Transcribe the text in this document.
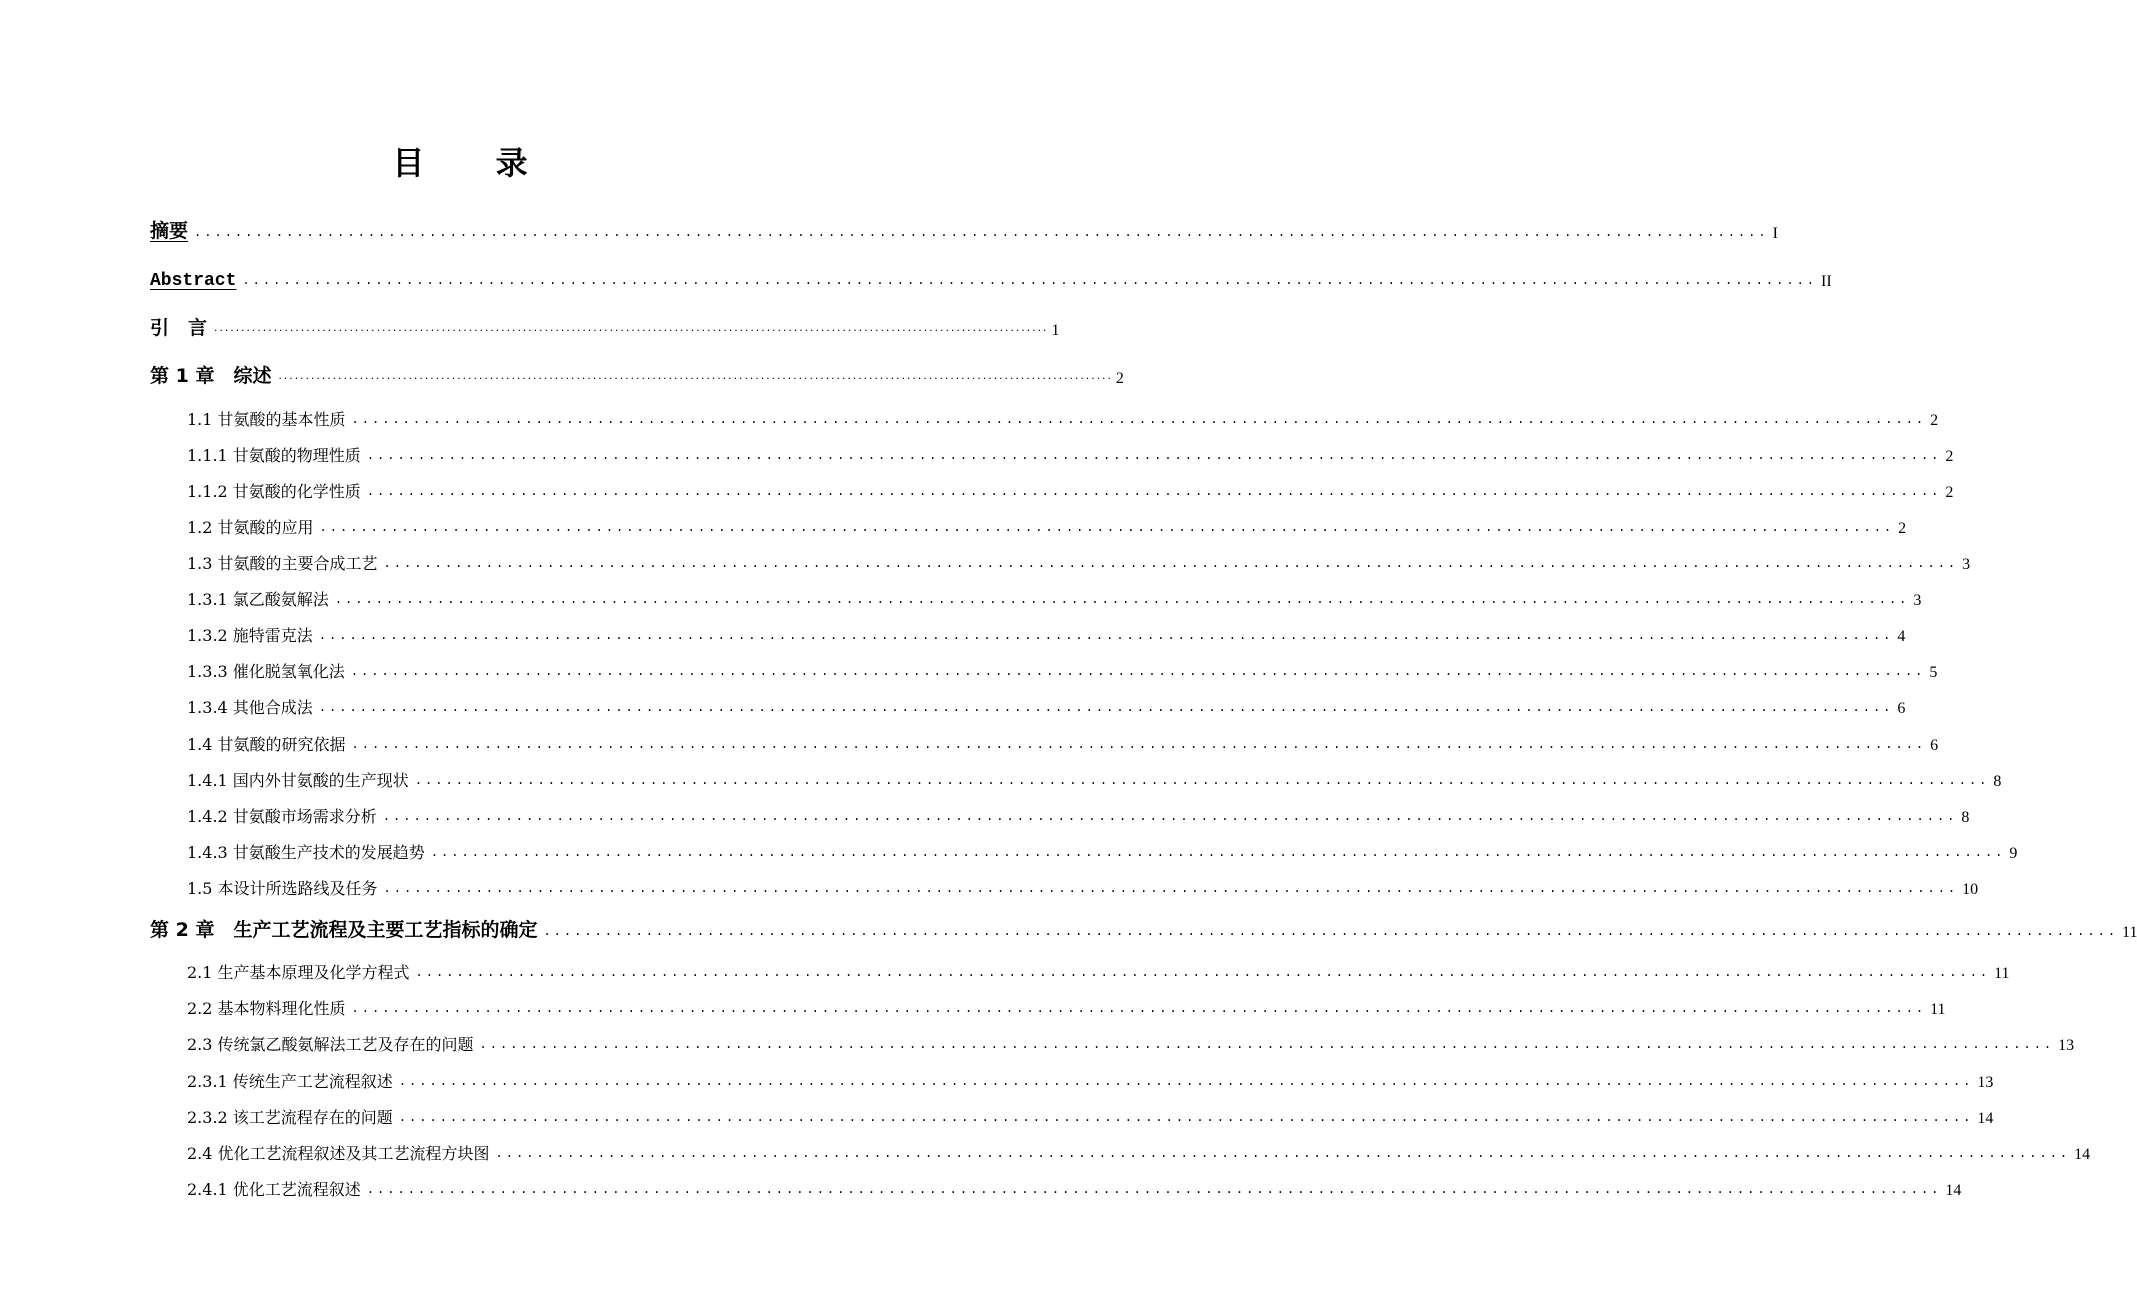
目 录
摘要 .......................................................................................................................................................... I
Abstract .......................................................................................................................................................... II
引　言 .......................................................................................................................................................... 1
第 1 章　综述 .......................................................................................................................................................... 2
1.1 甘氨酸的基本性质 .......................................................................................................................................................... 2
1.1.1 甘氨酸的物理性质 .......................................................................................................................................................... 2
1.1.2 甘氨酸的化学性质 .......................................................................................................................................................... 2
1.2 甘氨酸的应用 .......................................................................................................................................................... 2
1.3 甘氨酸的主要合成工艺 .......................................................................................................................................................... 3
1.3.1 氯乙酸氨解法 .......................................................................................................................................................... 3
1.3.2 施特雷克法 .......................................................................................................................................................... 4
1.3.3 催化脱氢氧化法 .......................................................................................................................................................... 5
1.3.4 其他合成法 .......................................................................................................................................................... 6
1.4 甘氨酸的研究依据 .......................................................................................................................................................... 6
1.4.1 国内外甘氨酸的生产现状 .......................................................................................................................................................... 8
1.4.2 甘氨酸市场需求分析 .......................................................................................................................................................... 8
1.4.3 甘氨酸生产技术的发展趋势 .......................................................................................................................................................... 9
1.5 本设计所选路线及任务 .......................................................................................................................................................... 10
第 2 章　生产工艺流程及主要工艺指标的确定 .......................................................................................................................................................... 11
2.1 生产基本原理及化学方程式 .......................................................................................................................................................... 11
2.2 基本物料理化性质 .......................................................................................................................................................... 11
2.3 传统氯乙酸氨解法工艺及存在的问题 .......................................................................................................................................................... 13
2.3.1 传统生产工艺流程叙述 .......................................................................................................................................................... 13
2.3.2 该工艺流程存在的问题 .......................................................................................................................................................... 14
2.4 优化工艺流程叙述及其工艺流程方块图 .......................................................................................................................................................... 14
2.4.1 优化工艺流程叙述 .......................................................................................................................................................... 14
